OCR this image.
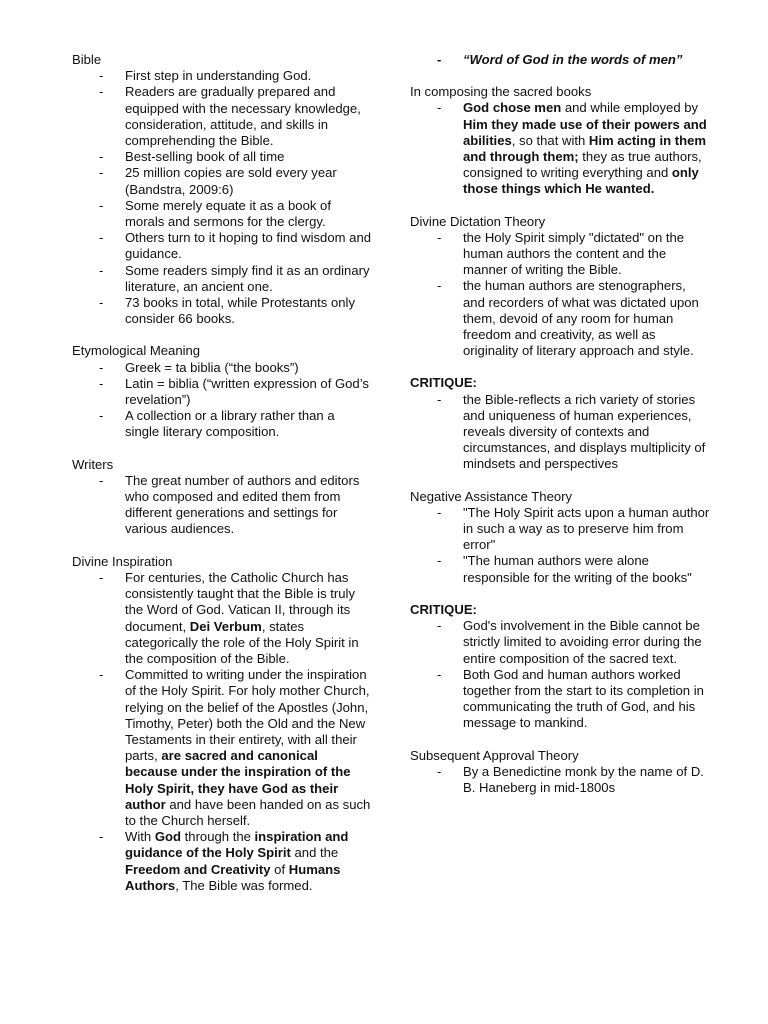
Bible

- First step in understanding God.
- Readers are gradually prepared and equipped with the necessary knowledge, consideration, attitude, and skills in comprehending the Bible.
- Best-selling book of all time
- 25 million copies are sold every year (Bandstra, 2009:6)
- Some merely equate it as a book of morals and sermons for the clergy.
- Others turn to it hoping to find wisdom and guidance.
- Some readers simply find it as an ordinary literature, an ancient one.
- 73 books in total, while Protestants only consider 66 books.

Etymological Meaning

- Greek = ta biblia (“the books”)
- Latin = biblia (“written expression of God’s revelation”)
- A collection or a library rather than a single literary composition.

Writers

- The great number of authors and editors who composed and edited them from different generations and settings for various audiences.

Divine Inspiration

- For centuries, the Catholic Church has consistently taught that the Bible is truly the Word of God. Vatican II, through its document, Dei Verbum, states categorically the role of the Holy Spirit in the composition of the Bible.
- Committed to writing under the inspiration of the Holy Spirit. For holy mother Church, relying on the belief of the Apostles (John, Timothy, Peter) both the Old and the New Testaments in their entirety, with all their parts, are sacred and canonical because under the inspiration of the Holy Spirit, they have God as their author and have been handed on as such to the Church herself.
- With God through the inspiration and guidance of the Holy Spirit and the Freedom and Creativity of Humans Authors, The Bible was formed.
- “Word of God in the words of men”

In composing the sacred books

- God chose men and while employed by Him they made use of their powers and abilities, so that with Him acting in them and through them; they as true authors, consigned to writing everything and only those things which He wanted.

Divine Dictation Theory

- the Holy Spirit simply "dictated" on the human authors the content and the manner of writing the Bible.
- the human authors are stenographers, and recorders of what was dictated upon them, devoid of any room for human freedom and creativity, as well as originality of literary approach and style.

CRITIQUE:

- the Bible-reflects a rich variety of stories and uniqueness of human experiences, reveals diversity of contexts and circumstances, and displays multiplicity of mindsets and perspectives

Negative Assistance Theory

- "The Holy Spirit acts upon a human author in such a way as to preserve him from error"
- "The human authors were alone responsible for the writing of the books"

CRITIQUE:

- God's involvement in the Bible cannot be strictly limited to avoiding error during the entire composition of the sacred text.
- Both God and human authors worked together from the start to its completion in communicating the truth of God, and his message to mankind.

Subsequent Approval Theory

- By a Benedictine monk by the name of D. B. Haneberg in mid-1800s
